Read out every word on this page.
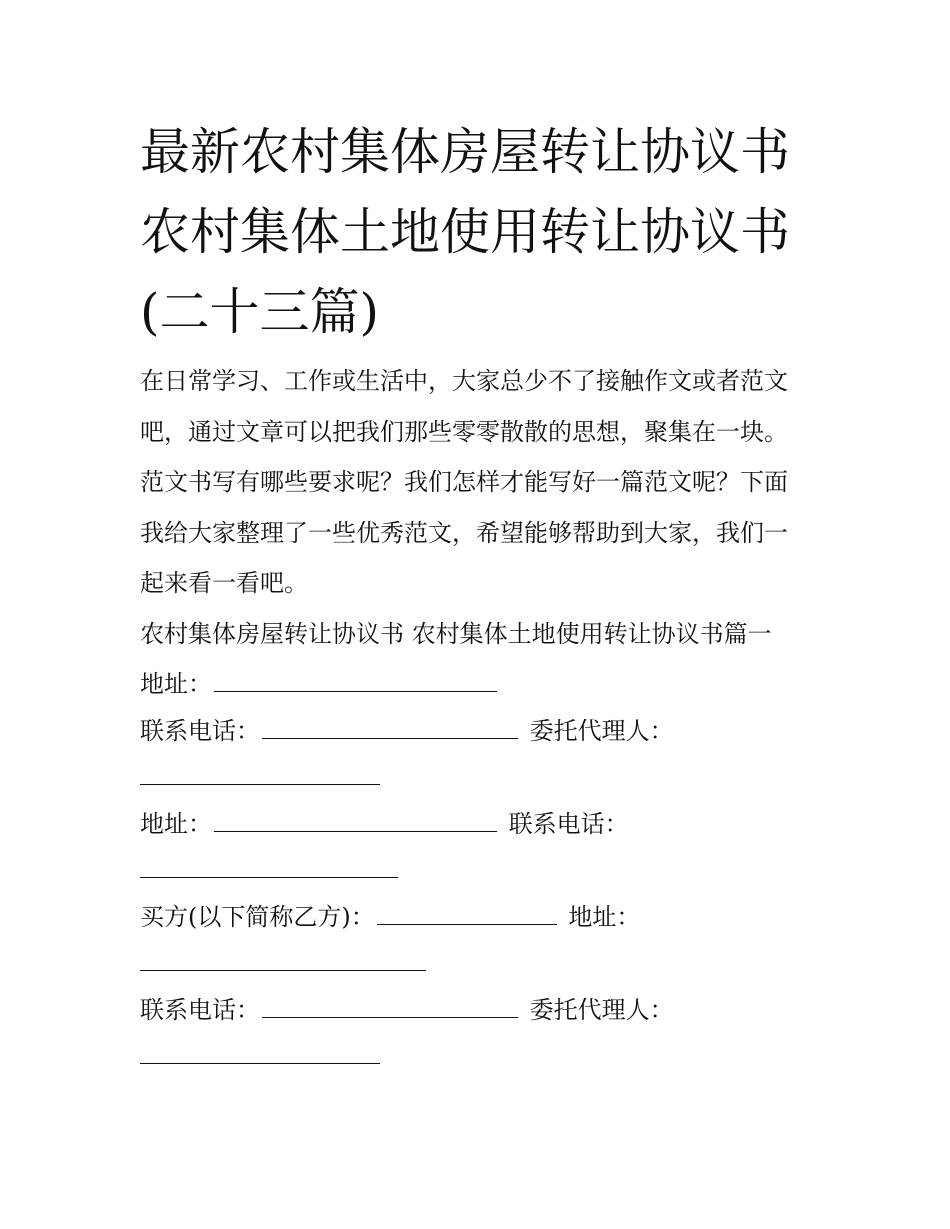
最新农村集体房屋转让协议书
农村集体土地使用转让协议书
(二十三篇)
在日常学习、工作或生活中，大家总少不了接触作文或者范文
吧，通过文章可以把我们那些零零散散的思想，聚集在一块。
范文书写有哪些要求呢？我们怎样才能写好一篇范文呢？下面
我给大家整理了一些优秀范文，希望能够帮助到大家，我们一
起来看一看吧。
农村集体房屋转让协议书 农村集体土地使用转让协议书篇一
地址：
联系电话：	委托代理人：
地址：	联系电话：
买方(以下简称乙方)：	地址：
联系电话：	委托代理人：
